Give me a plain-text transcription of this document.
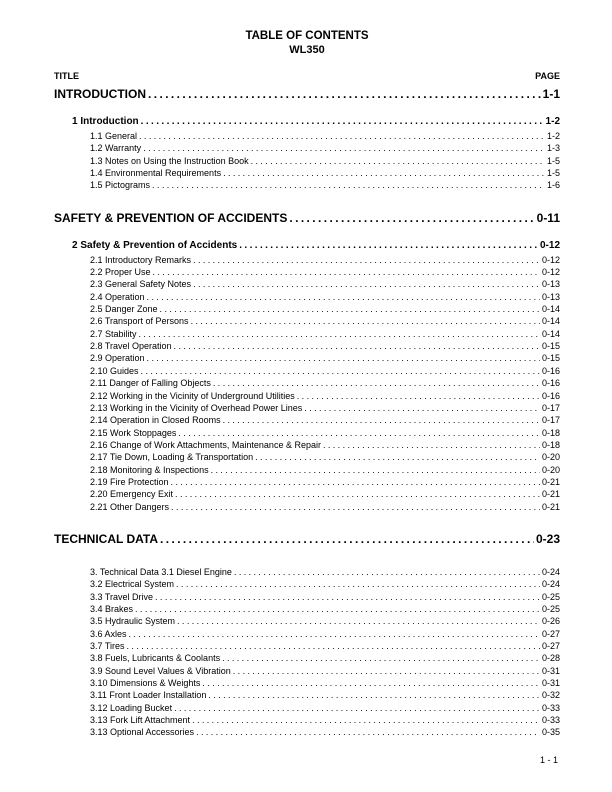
TABLE OF CONTENTS
WL350
TITLE	PAGE
INTRODUCTION .....	1-1
1 Introduction .....	1-2
1.1 General .....	1-2
1.2 Warranty .....	1-3
1.3 Notes on Using the Instruction Book .....	1-5
1.4 Environmental Requirements .....	1-5
1.5 Pictograms .....	1-6
SAFETY & PREVENTION OF ACCIDENTS .....	0-11
2 Safety & Prevention of Accidents .....	0-12
2.1 Introductory Remarks .....	0-12
2.2 Proper Use .....	0-12
2.3 General Safety Notes .....	0-13
2.4 Operation .....	0-13
2.5 Danger Zone .....	0-14
2.6 Transport of Persons .....	0-14
2.7 Stability .....	0-14
2.8 Travel Operation .....	0-15
2.9 Operation .....	0-15
2.10 Guides .....	0-16
2.11 Danger of Falling Objects .....	0-16
2.12 Working in the Vicinity of Underground Utilities .....	0-16
2.13 Working in the Vicinity of Overhead Power Lines .....	0-17
2.14 Operation in Closed Rooms .....	0-17
2.15 Work Stoppages .....	0-18
2.16 Change of Work Attachments, Maintenance & Repair .....	0-18
2.17 Tie Down, Loading & Transportation .....	0-20
2.18 Monitoring & Inspections .....	0-20
2.19 Fire Protection .....	0-21
2.20 Emergency Exit .....	0-21
2.21 Other Dangers .....	0-21
TECHNICAL DATA .....	0-23
3. Technical Data 3.1 Diesel Engine .....	0-24
3.2 Electrical System .....	0-24
3.3 Travel Drive .....	0-25
3.4 Brakes .....	0-25
3.5 Hydraulic System .....	0-26
3.6 Axles .....	0-27
3.7 Tires .....	0-27
3.8 Fuels, Lubricants & Coolants .....	0-28
3.9 Sound Level Values & Vibration .....	0-31
3.10 Dimensions & Weights .....	0-31
3.11 Front Loader Installation .....	0-32
3.12 Loading Bucket .....	0-33
3.13 Fork Lift Attachment .....	0-33
3.13 Optional Accessories .....	0-35
1 - 1
